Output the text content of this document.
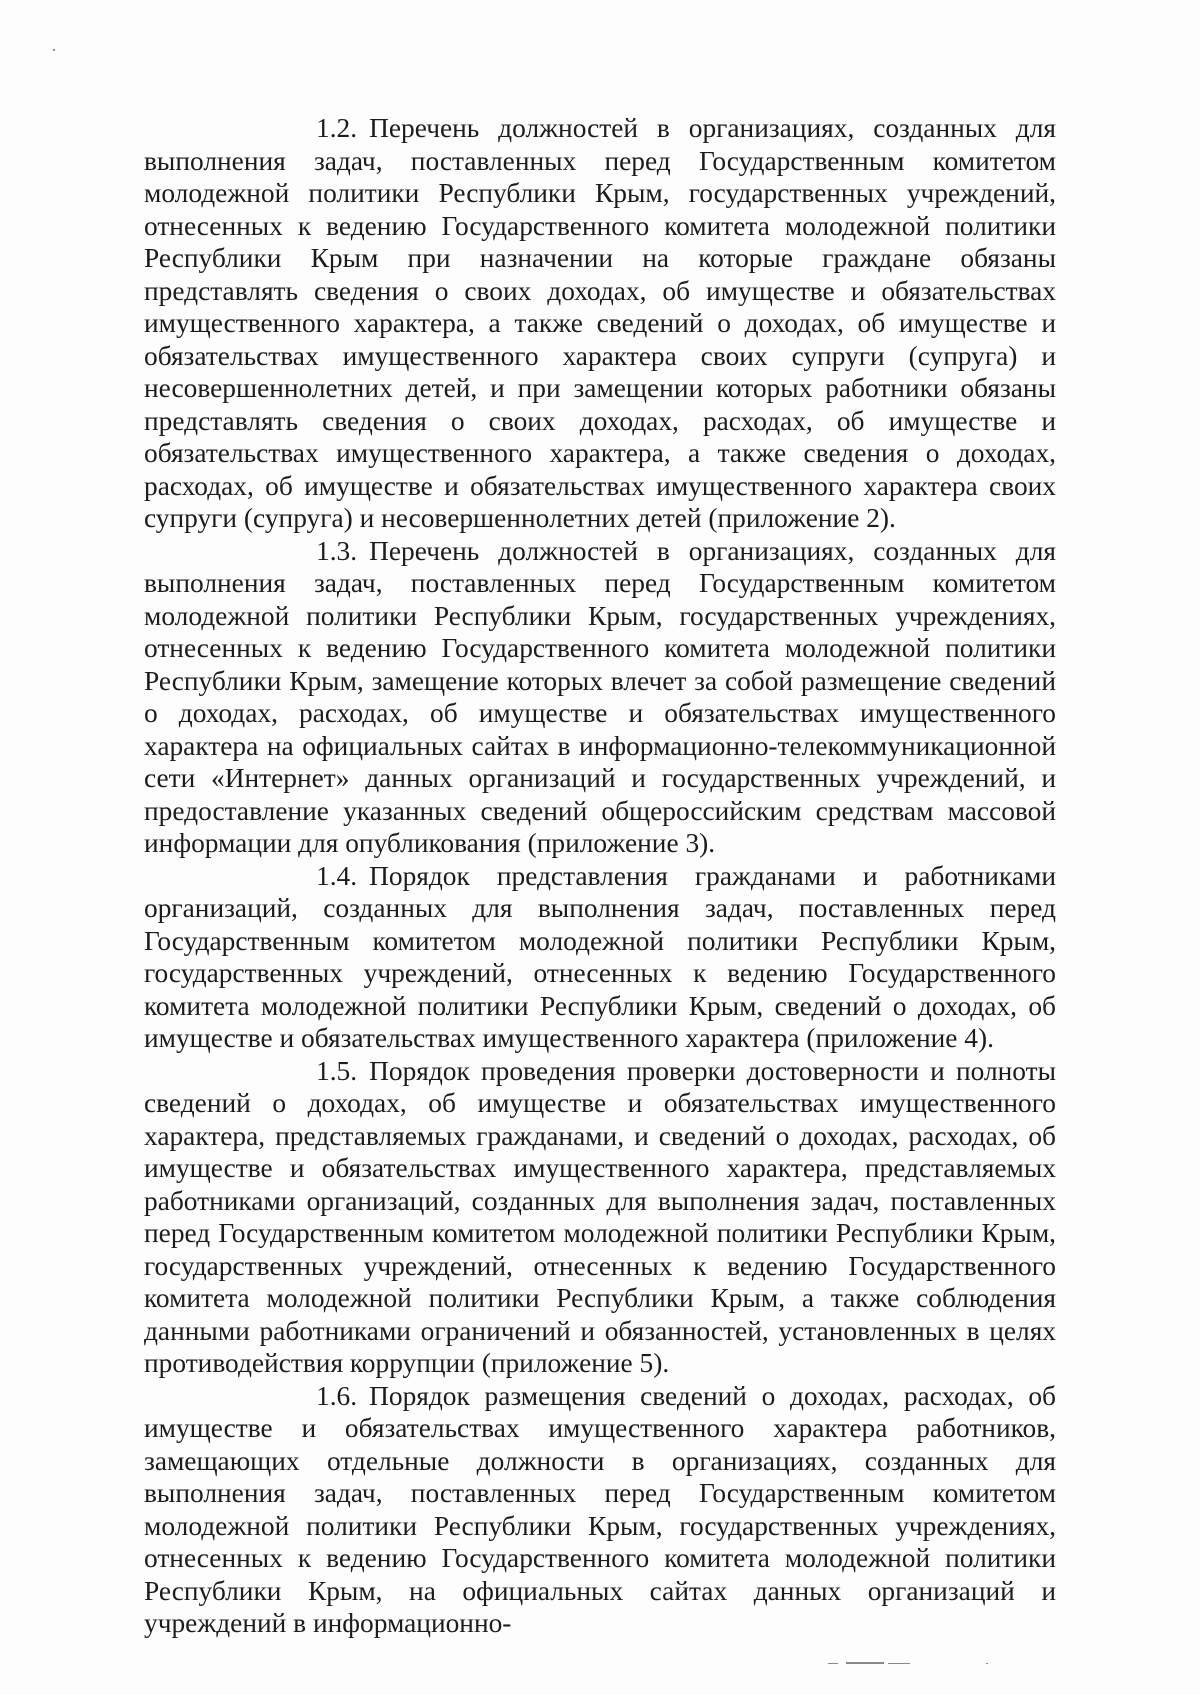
1.2. Перечень должностей в организациях, созданных для выполнения задач, поставленных перед Государственным комитетом молодежной политики Республики Крым, государственных учреждений, отнесенных к ведению Государственного комитета молодежной политики Республики Крым при назначении на которые граждане обязаны представлять сведения о своих доходах, об имуществе и обязательствах имущественного характера, а также сведений о доходах, об имуществе и обязательствах имущественного характера своих супруги (супруга) и несовершеннолетних детей, и при замещении которых работники обязаны представлять сведения о своих доходах, расходах, об имуществе и обязательствах имущественного характера, а также сведения о доходах, расходах, об имуществе и обязательствах имущественного характера своих супруги (супруга) и несовершеннолетних детей (приложение 2).

1.3. Перечень должностей в организациях, созданных для выполнения задач, поставленных перед Государственным комитетом молодежной политики Республики Крым, государственных учреждениях, отнесенных к ведению Государственного комитета молодежной политики Республики Крым, замещение которых влечет за собой размещение сведений о доходах, расходах, об имуществе и обязательствах имущественного характера на официальных сайтах в информационно-телекоммуникационной сети «Интернет» данных организаций и государственных учреждений, и предоставление указанных сведений общероссийским средствам массовой информации для опубликования (приложение 3).

1.4. Порядок представления гражданами и работниками организаций, созданных для выполнения задач, поставленных перед Государственным комитетом молодежной политики Республики Крым, государственных учреждений, отнесенных к ведению Государственного комитета молодежной политики Республики Крым, сведений о доходах, об имуществе и обязательствах имущественного характера (приложение 4).

1.5. Порядок проведения проверки достоверности и полноты сведений о доходах, об имуществе и обязательствах имущественного характера, представляемых гражданами, и сведений о доходах, расходах, об имуществе и обязательствах имущественного характера, представляемых работниками организаций, созданных для выполнения задач, поставленных перед Государственным комитетом молодежной политики Республики Крым, государственных учреждений, отнесенных к ведению Государственного комитета молодежной политики Республики Крым, а также соблюдения данными работниками ограничений и обязанностей, установленных в целях противодействия коррупции (приложение 5).

1.6. Порядок размещения сведений о доходах, расходах, об имуществе и обязательствах имущественного характера работников, замещающих отдельные должности в организациях, созданных для выполнения задач, поставленных перед Государственным комитетом молодежной политики Республики Крым, государственных учреждениях, отнесенных к ведению Государственного комитета молодежной политики Республики Крым, на официальных сайтах данных организаций и учреждений в информационно-
